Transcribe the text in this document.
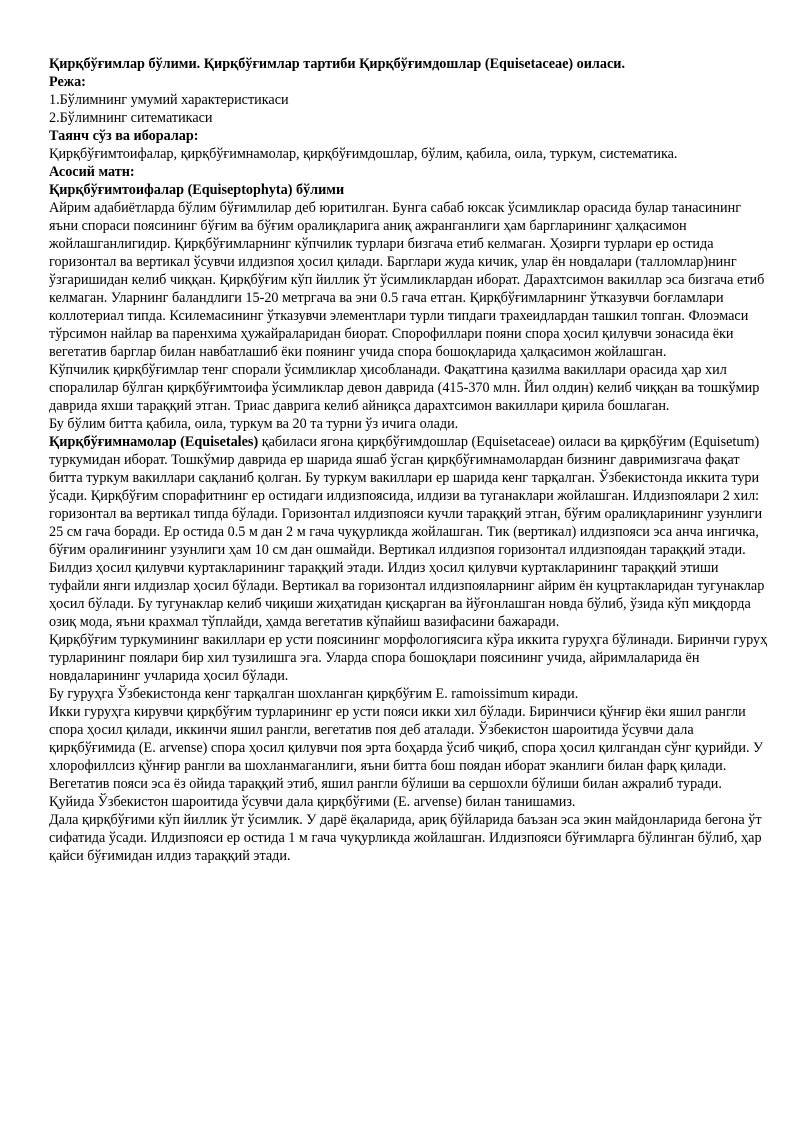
Қирқбўғимлар бўлими. Қирқбўғимлар тартиби Қирқбўғимдошлар (Equisetaceae) оиласи.

Режа:

1.Бўлимнинг умумий характеристикаси

2.Бўлимнинг ситематикаси

Таянч сўз ва иборалар:

Қирқбўғимтоифалар, қирқбўғимнамолар, қирқбўғимдошлар, бўлим, қабила, оила, туркум, систематика.

Асосий матн:

Қирқбўғимтоифалар (Equiseptophyta) бўлими

Айрим адабиётларда бўлим бўғимлилар деб юритилган. Бунга сабаб юксак ўсимликлар орасида булар танасининг яъни спораси поясининг бўғим ва бўғим оралиқларига аниқ ажранганлиги ҳам баргларининг ҳалқасимон жойлашганлигидир. Қирқбўғимларнинг кўпчилик турлари бизгача етиб келмаган. Ҳозирги турлари ер остида горизонтал ва вертикал ўсувчи илдизпоя ҳосил қилади. Барглари жуда кичик, улар ён новдалари (талломлар)нинг ўзгаришидан келиб чиққан. Қирқбўғим кўп йиллик ўт ўсимликлардан иборат. Дарахтсимон вакиллар эса бизгача етиб келмаган. Уларнинг баландлиги 15-20 метргача ва эни 0.5 гача етган. Қирқбўғимларнинг ўтказувчи боғламлари коллотериал типда. Ксилемасининг ўтказувчи элементлари турли типдаги трахеидлардан ташкил топган. Флоэмаси тўрсимон найлар ва паренхима ҳужайраларидан биорат. Спорофиллари пояни спора ҳосил қилувчи зонасида ёки вегетатив барглар билан навбатлашиб ёки поянинг учида спора бошоқларида ҳалқасимон жойлашган.

Кўпчилик қирқбўғимлар тенг спорали ўсимликлар ҳисобланади. Фақатгина қазилма вакиллари орасида ҳар хил споралилар бўлган қирқбўғимтоифа ўсимликлар девон даврида (415-370 млн. Йил олдин) келиб чиққан ва тошкўмир даврида яхши тараққий этган. Триас даврига келиб айниқса дарахтсимон вакиллари қирила бошлаган.

Бу бўлим битта қабила, оила, туркум ва 20 та турни ўз ичига олади.

Қирқбўғимнамолар (Equisetales) қабиласи ягона қирқбўғимдошлар (Equisetaceae) оиласи ва қирқбўғим (Equisetum) туркумидан иборат. Тошкўмир даврида ер шарида яшаб ўсган қирқбўғимнамолардан бизнинг давримизгача фақат битта туркум вакиллари сақланиб қолган. Бу туркум вакиллари ер шарида кенг тарқалган. Ўзбекистонда иккита тури ўсади. Қирқбўғим спорафитнинг ер остидаги илдизпоясида, илдизи ва туганаклари жойлашган. Илдизпоялари 2 хил: горизонтал ва вертикал типда бўлади. Горизонтал илдизпояси кучли тараққий этган, бўғим оралиқларининг узунлиги 25 см гача боради. Ер остида 0.5 м дан 2 м гача чуқурликда жойлашган. Тик (вертикал) илдизпояси эса анча ингичка, бўғим оралиғининг узунлиги ҳам 10 см дан ошмайди. Вертикал илдизпоя горизонтал илдизпоядан тараққий этади. Билдиз ҳосил қилувчи куртакларининг тараққий этади. Илдиз ҳосил қилувчи куртакларининг тараққий этиши туфайли янги илдизлар ҳосил бўлади. Вертикал ва горизонтал илдизпояларнинг айрим ён куцртакларидан тугунаклар ҳосил бўлади. Бу тугунаклар келиб чиқиши жиҳатидан қисқарган ва йўғонлашган новда бўлиб, ўзида кўп миқдорда озиқ мода, яъни крахмал тўплайди, ҳамда вегетатив кўпайиш вазифасини бажаради.

Қирқбўғим туркумининг вакиллари ер усти поясининг морфологиясига кўра иккита гуруҳга бўлинади. Биринчи гуруҳ турларининг поялари бир хил тузилишга эга. Уларда спора бошоқлари поясининг учида, айримлаларида ён новдаларининг учларида ҳосил бўлади.

Бу гуруҳга Ўзбекистонда кенг тарқалган шохланган қирқбўғим E. ramoissimum киради.

Икки гуруҳга кирувчи қирқбўғим турларининг ер усти пояси икки хил бўлади. Биринчиси қўнғир ёки яшил рангли спора ҳосил қилади, иккинчи яшил рангли, вегетатив поя деб аталади. Ўзбекистон шароитида ўсувчи дала қирқбўғимида (E. arvense) спора ҳосил қилувчи поя эрта боҳарда ўсиб чиқиб, спора ҳосил қилгандан сўнг қурийди. У хлорофиллсиз қўнғир рангли ва шохланмаганлиги, яъни битта бош поядан иборат эканлиги билан фарқ қилади. Вегетатив пояси эса ёз ойида тараққий этиб, яшил рангли бўлиши ва сершохли бўлиши билан ажралиб туради.

Қуйида Ўзбекистон шароитида ўсувчи дала қирқбўғими (E. arvense) билан танишамиз.

Дала қирқбўғими кўп йиллик ўт ўсимлик. У дарё ёқаларида, ариқ бўйларида баъзан эса экин майдонларида бегона ўт сифатида ўсади. Илдизпояси ер остида 1 м гача чуқурликда жойлашган. Илдизпояси бўғимларга бўлинган бўлиб, ҳар қайси бўғимидан илдиз тараққий этади.
